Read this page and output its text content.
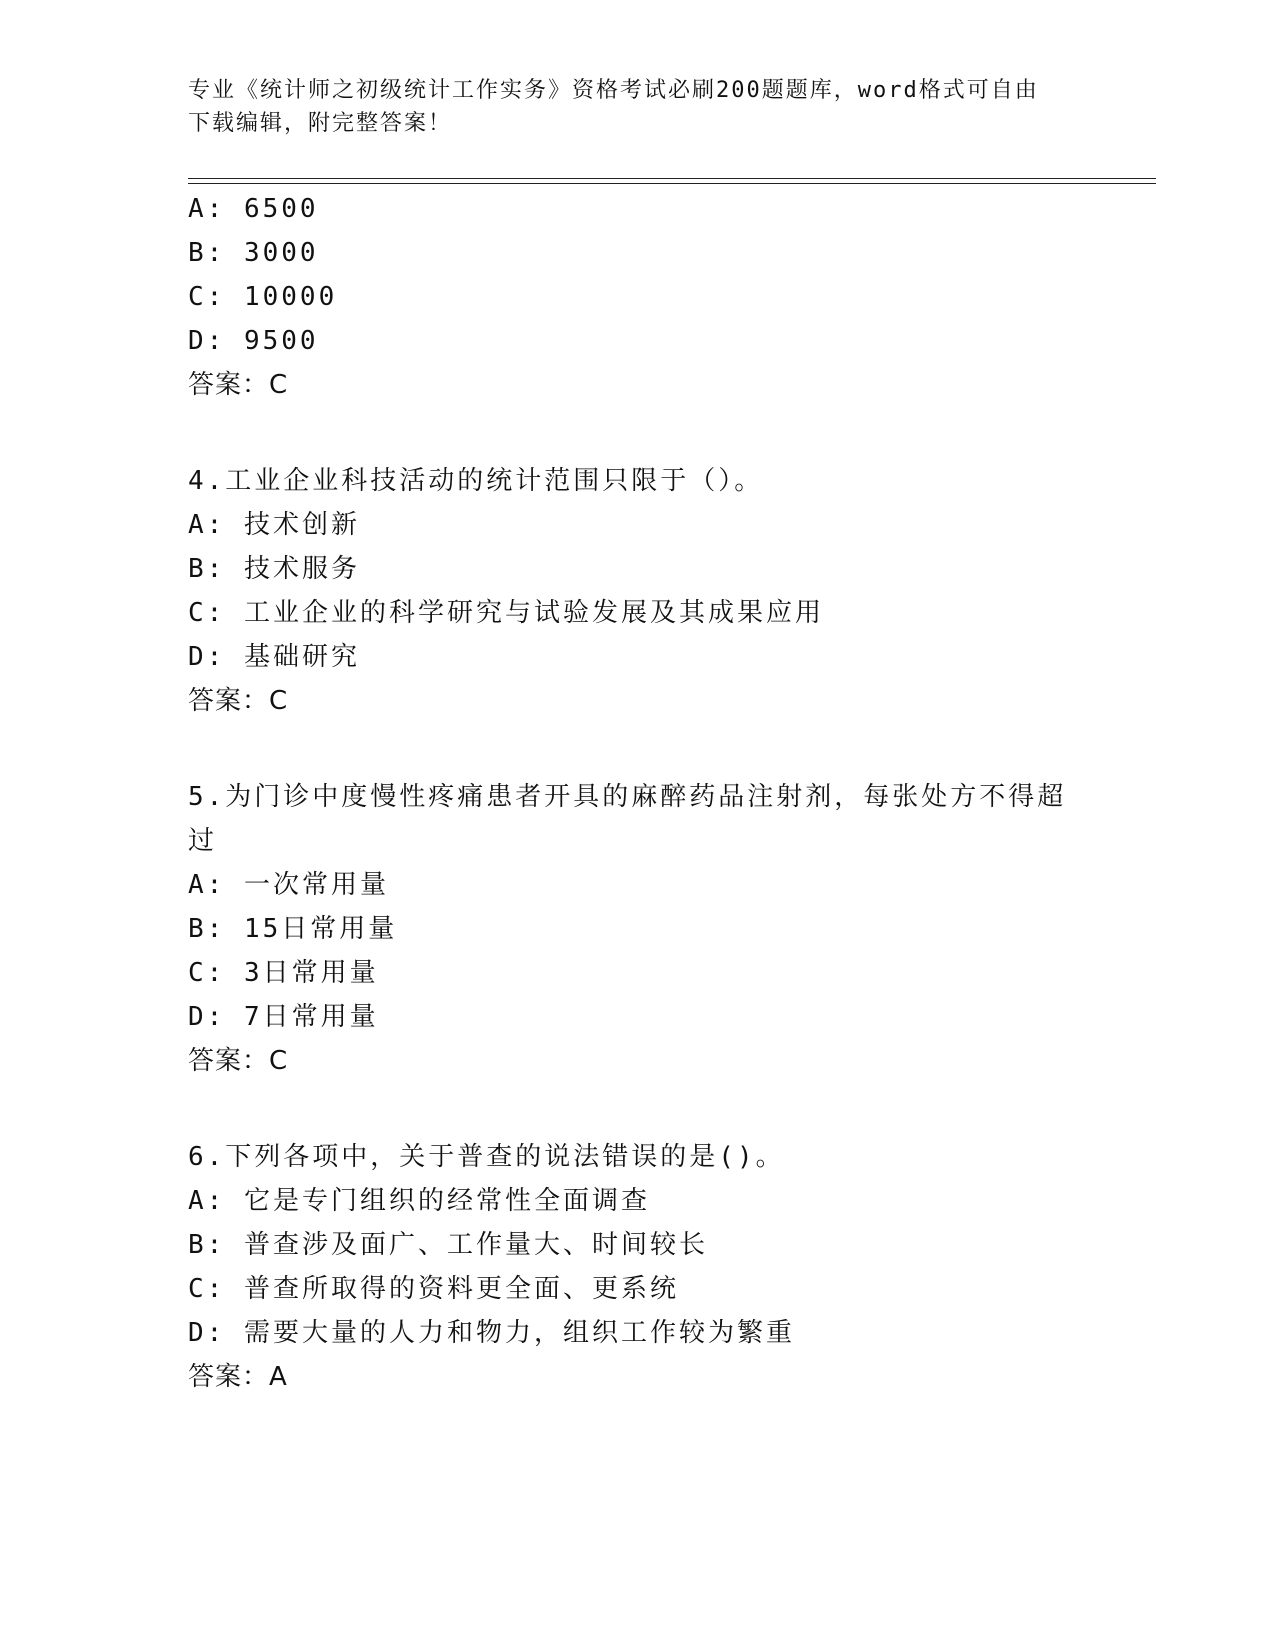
专业《统计师之初级统计工作实务》资格考试必刷200题题库，word格式可自由
下载编辑，附完整答案！
A: 6500
B: 3000
C: 10000
D: 9500
答案：C
4.工业企业科技活动的统计范围只限于（）。
A: 技术创新
B: 技术服务
C: 工业企业的科学研究与试验发展及其成果应用
D: 基础研究
答案：C
5.为门诊中度慢性疼痛患者开具的麻醉药品注射剂，每张处方不得超
过
A: 一次常用量
B: 15日常用量
C: 3日常用量
D: 7日常用量
答案：C
6.下列各项中，关于普查的说法错误的是()。
A: 它是专门组织的经常性全面调查
B: 普查涉及面广、工作量大、时间较长
C: 普查所取得的资料更全面、更系统
D: 需要大量的人力和物力，组织工作较为繁重
答案：A
